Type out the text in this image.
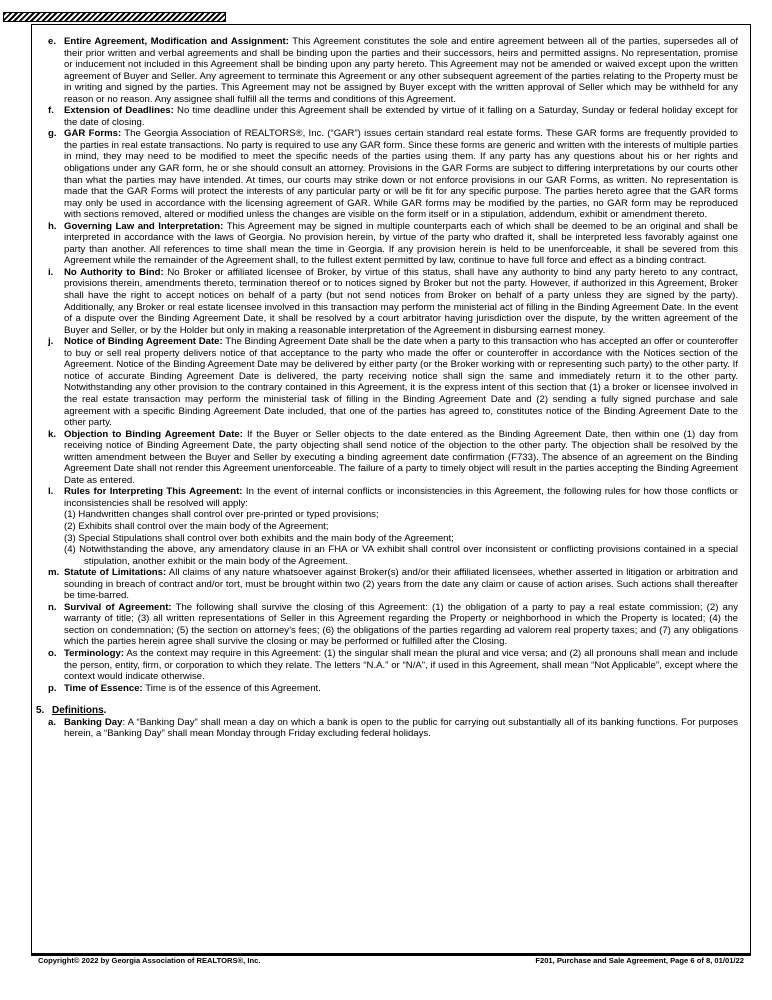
e. Entire Agreement, Modification and Assignment: This Agreement constitutes the sole and entire agreement between all of the parties, supersedes all of their prior written and verbal agreements and shall be binding upon the parties and their successors, heirs and permitted assigns. No representation, promise or inducement not included in this Agreement shall be binding upon any party hereto. This Agreement may not be amended or waived except upon the written agreement of Buyer and Seller. Any agreement to terminate this Agreement or any other subsequent agreement of the parties relating to the Property must be in writing and signed by the parties. This Agreement may not be assigned by Buyer except with the written approval of Seller which may be withheld for any reason or no reason. Any assignee shall fulfill all the terms and conditions of this Agreement.
f.	Extension of Deadlines: No time deadline under this Agreement shall be extended by virtue of it falling on a Saturday, Sunday or federal holiday except for the date of closing.
g. GAR Forms: The Georgia Association of REALTORS®, Inc. (“GAR”) issues certain standard real estate forms. These GAR forms are frequently provided to the parties in real estate transactions. No party is required to use any GAR form. Since these forms are generic and written with the interests of multiple parties in mind, they may need to be modified to meet the specific needs of the parties using them. If any party has any questions about his or her rights and obligations under any GAR form, he or she should consult an attorney. Provisions in the GAR Forms are subject to differing interpretations by our courts other than what the parties may have intended. At times, our courts may strike down or not enforce provisions in our GAR Forms, as written. No representation is made that the GAR Forms will protect the interests of any particular party or will be fit for any specific purpose. The parties hereto agree that the GAR forms may only be used in accordance with the licensing agreement of GAR. While GAR forms may be modified by the parties, no GAR form may be reproduced with sections removed, altered or modified unless the changes are visible on the form itself or in a stipulation, addendum, exhibit or amendment thereto.
h. Governing Law and Interpretation: This Agreement may be signed in multiple counterparts each of which shall be deemed to be an original and shall be interpreted in accordance with the laws of Georgia. No provision herein, by virtue of the party who drafted it, shall be interpreted less favorably against one party than another. All references to time shall mean the time in Georgia. If any provision herein is held to be unenforceable, it shall be severed from this Agreement while the remainder of the Agreement shall, to the fullest extent permitted by law, continue to have full force and effect as a binding contract.
i.	No Authority to Bind: No Broker or affiliated licensee of Broker, by virtue of this status, shall have any authority to bind any party hereto to any contract, provisions therein, amendments thereto, termination thereof or to notices signed by Broker but not the party. However, if authorized in this Agreement, Broker shall have the right to accept notices on behalf of a party (but not send notices from Broker on behalf of a party unless they are signed by the party). Additionally, any Broker or real estate licensee involved in this transaction may perform the ministerial act of filling in the Binding Agreement Date. In the event of a dispute over the Binding Agreement Date, it shall be resolved by a court arbitrator having jurisdiction over the dispute, by the written agreement of the Buyer and Seller, or by the Holder but only in making a reasonable interpretation of the Agreement in disbursing earnest money.
j.	Notice of Binding Agreement Date: The Binding Agreement Date shall be the date when a party to this transaction who has accepted an offer or counteroffer to buy or sell real property delivers notice of that acceptance to the party who made the offer or counteroffer in accordance with the Notices section of the Agreement. Notice of the Binding Agreement Date may be delivered by either party (or the Broker working with or representing such party) to the other party. If notice of accurate Binding Agreement Date is delivered, the party receiving notice shall sign the same and immediately return it to the other party. Notwithstanding any other provision to the contrary contained in this Agreement, it is the express intent of this section that (1) a broker or licensee involved in the real estate transaction may perform the ministerial task of filling in the Binding Agreement Date and (2) sending a fully signed purchase and sale agreement with a specific Binding Agreement Date included, that one of the parties has agreed to, constitutes notice of the Binding Agreement Date to the other party.
k. Objection to Binding Agreement Date: If the Buyer or Seller objects to the date entered as the Binding Agreement Date, then within one (1) day from receiving notice of Binding Agreement Date, the party objecting shall send notice of the objection to the other party. The objection shall be resolved by the written amendment between the Buyer and Seller by executing a binding agreement date confirmation (F733). The absence of an agreement on the Binding Agreement Date shall not render this Agreement unenforceable. The failure of a party to timely object will result in the parties accepting the Binding Agreement Date as entered.
l.	Rules for Interpreting This Agreement: In the event of internal conflicts or inconsistencies in this Agreement, the following rules for how those conflicts or inconsistencies shall be resolved will apply:
(1) Handwritten changes shall control over pre-printed or typed provisions;
(2) Exhibits shall control over the main body of the Agreement;
(3) Special Stipulations shall control over both exhibits and the main body of the Agreement;
(4) Notwithstanding the above, any amendatory clause in an FHA or VA exhibit shall control over inconsistent or conflicting provisions contained in a special stipulation, another exhibit or the main body of the Agreement.
m. Statute of Limitations: All claims of any nature whatsoever against Broker(s) and/or their affiliated licensees, whether asserted in litigation or arbitration and sounding in breach of contract and/or tort, must be brought within two (2) years from the date any claim or cause of action arises. Such actions shall thereafter be time-barred.
n. Survival of Agreement: The following shall survive the closing of this Agreement: (1) the obligation of a party to pay a real estate commission; (2) any warranty of title; (3) all written representations of Seller in this Agreement regarding the Property or neighborhood in which the Property is located; (4) the section on condemnation; (5) the section on attorney’s fees; (6) the obligations of the parties regarding ad valorem real property taxes; and (7) any obligations which the parties herein agree shall survive the closing or may be performed or fulfilled after the Closing.
o. Terminology: As the context may require in this Agreement: (1) the singular shall mean the plural and vice versa; and (2) all pronouns shall mean and include the person, entity, firm, or corporation to which they relate. The letters “N.A.” or “N/A”, if used in this Agreement, shall mean “Not Applicable”, except where the context would indicate otherwise.
p. Time of Essence: Time is of the essence of this Agreement.
5. Definitions.
a. Banking Day: A “Banking Day” shall mean a day on which a bank is open to the public for carrying out substantially all of its banking functions. For purposes herein, a “Banking Day” shall mean Monday through Friday excluding federal holidays.
Copyright© 2022 by Georgia Association of REALTORS®, Inc.	F201, Purchase and Sale Agreement, Page 6 of 8, 01/01/22
